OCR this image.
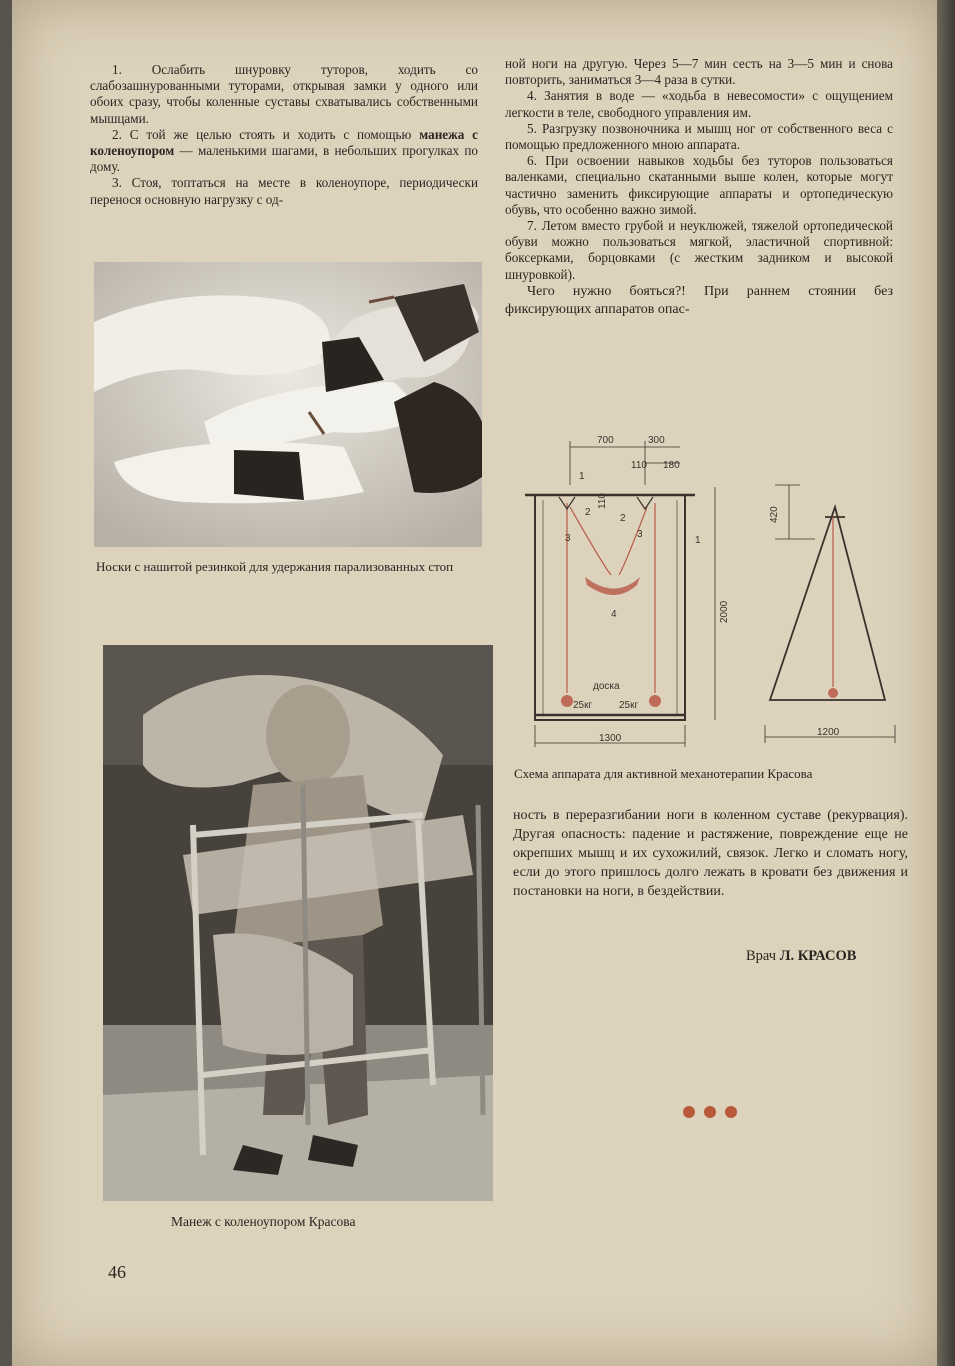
1. Ослабить шнуровку туторов, ходить со слабозашнурованными туторами, открывая замки у одного или обоих сразу, чтобы коленные суставы схватывались собственными мышцами.

2. С той же целью стоять и ходить с помощью манежа с коленоупором — маленькими шагами, в небольших прогулках по дому.

3. Стоя, топтаться на месте в коленоупоре, периодически перенося основную нагрузку с од-

ной ноги на другую. Через 5—7 мин сесть на 3—5 мин и снова повторить, заниматься 3—4 раза в сутки.

4. Занятия в воде — «ходьба в невесомости» с ощущением легкости в теле, свободного управления им.

5. Разгрузку позвоночника и мышц ног от собственного веса с помощью предложенного мною аппарата.

6. При освоении навыков ходьбы без туторов пользоваться валенками, специально скатанными выше колен, которые могут частично заменить фиксирующие аппараты и ортопедическую обувь, что особенно важно зимой.

7. Летом вместо грубой и неуклюжей, тяжелой ортопедической обуви можно пользоваться мягкой, эластичной спортивной: боксерками, борцовками (с жестким задником и высокой шнуровкой).

Чего нужно бояться?! При раннем стоянии без фиксирующих аппаратов опас-

ность в переразгибании ноги в коленном суставе (рекурвация). Другая опасность: падение и растяжение, повреждение еще не окрепших мышц и их сухожилий, связок. Легко и сломать ногу, если до этого пришлось долго лежать в кровати без движения и постановки на ноги, в бездействии.

Врач Л. КРАСОВ
Носки с нашитой резинкой для удержания парализованных стоп
Манеж с коленоупором Красова
700	300
110 180
110
2000
1300
420
1200
1
1
2
2
3	3
4
доска
25кг	25кг
Схема аппарата для активной механотерапии Красова
46
